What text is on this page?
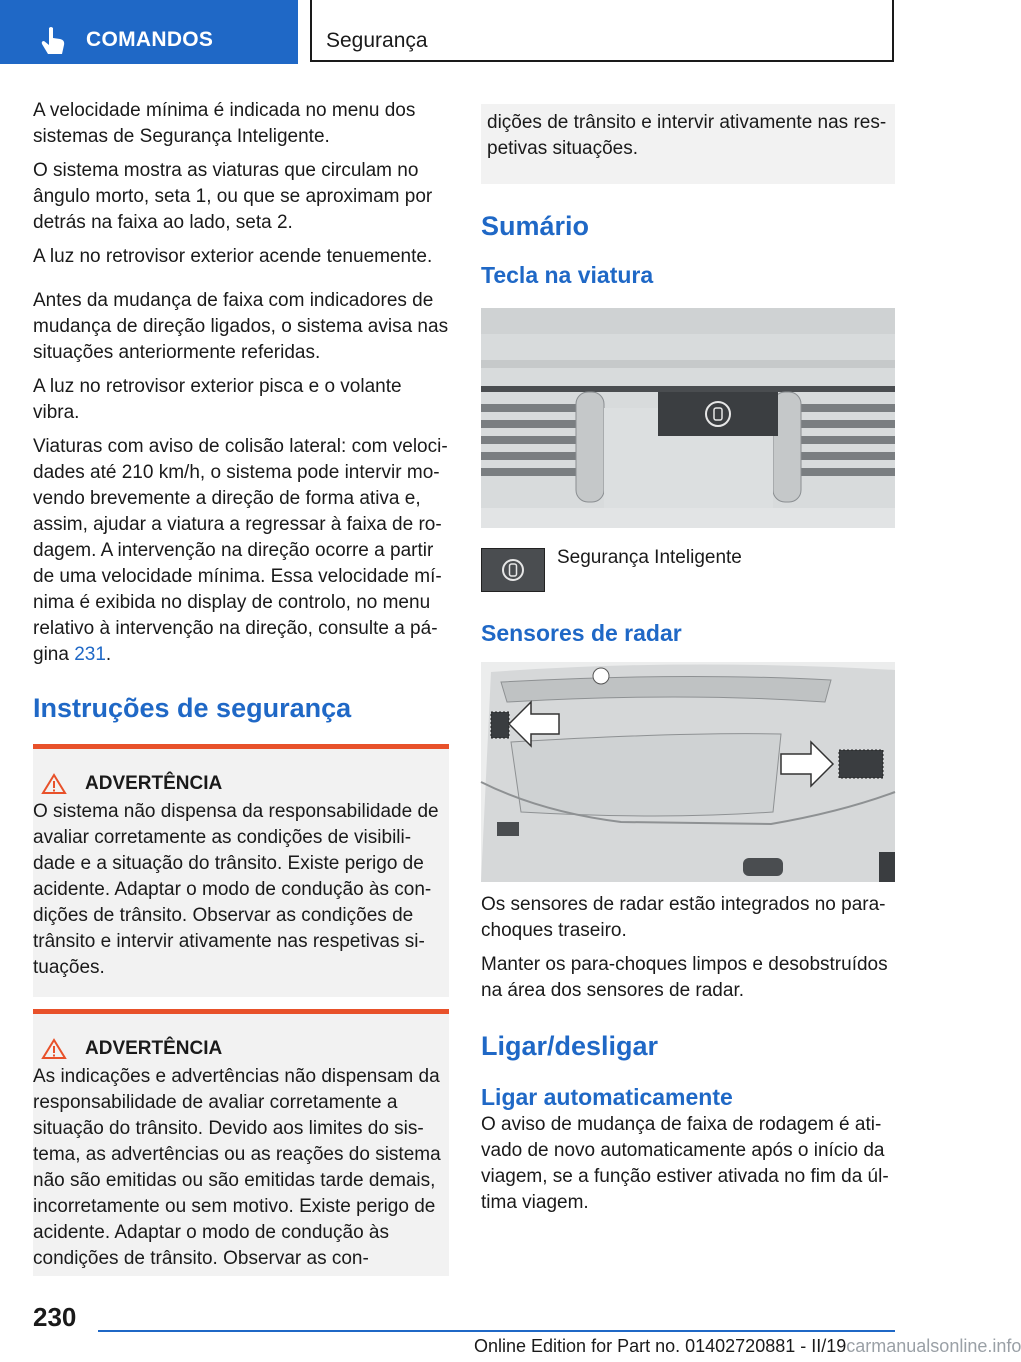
COMANDOS	Segurança

A velocidade mínima é indicada no menu dos sistemas de Segurança Inteligente.

O sistema mostra as viaturas que circulam no ângulo morto, seta 1, ou que se aproximam por detrás na faixa ao lado, seta 2.

A luz no retrovisor exterior acende tenuemente.

Antes da mudança de faixa com indicadores de mudança de direção ligados, o sistema avisa nas situações anteriormente referidas.

A luz no retrovisor exterior pisca e o volante vibra.

Viaturas com aviso de colisão lateral: com velocidades até 210 km/h, o sistema pode intervir movendo brevemente a direção de forma ativa e, assim, ajudar a viatura a regressar à faixa de rodagem. A intervenção na direção ocorre a partir de uma velocidade mínima. Essa velocidade mínima é exibida no display de controlo, no menu relativo à intervenção na direção, consulte a página 231.

Instruções de segurança
ADVERTÊNCIA
O sistema não dispensa da responsabilidade de avaliar corretamente as condições de visibilidade e a situação do trânsito. Existe perigo de acidente. Adaptar o modo de condução às condições de trânsito. Observar as condições de trânsito e intervir ativamente nas respetivas situações.
ADVERTÊNCIA
As indicações e advertências não dispensam da responsabilidade de avaliar corretamente a situação do trânsito. Devido aos limites do sistema, as advertências ou as reações do sistema não são emitidas ou são emitidas tarde demais, incorretamente ou sem motivo. Existe perigo de acidente. Adaptar o modo de condução às condições de trânsito. Observar as con-
dições de trânsito e intervir ativamente nas respetivas situações.
Sumário
Tecla na viatura
Segurança Inteligente
Sensores de radar

Os sensores de radar estão integrados no para-choques traseiro.

Manter os para-choques limpos e desobstruídos na área dos sensores de radar.

Ligar/desligar
Ligar automaticamente

O aviso de mudança de faixa de rodagem é ativado de novo automaticamente após o início da viagem, se a função estiver ativada no fim da última viagem.

230
Online Edition for Part no. 01402720881 - II/19carmanualsonline.info
